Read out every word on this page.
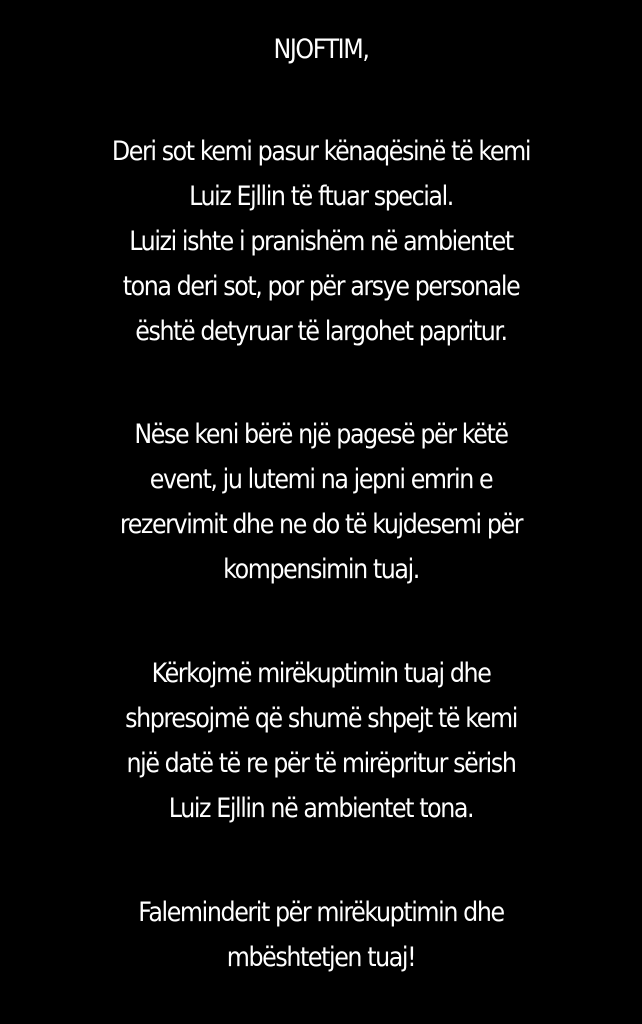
NJOFTIM,
Deri sot kemi pasur kënaqësinë të kemi
Luiz Ejllin të ftuar special.
Luizi ishte i pranishëm në ambientet
tona deri sot, por për arsye personale
është detyruar të largohet papritur.
Nëse keni bërë një pagesë për këtë
event, ju lutemi na jepni emrin e
rezervimit dhe ne do të kujdesemi për
kompensimin tuaj.
Kërkojmë mirëkuptimin tuaj dhe
shpresojmë që shumë shpejt të kemi
një datë të re për të mirëpritur sërish
Luiz Ejllin në ambientet tona.
Faleminderit për mirëkuptimin dhe
mbështetjen tuaj!
